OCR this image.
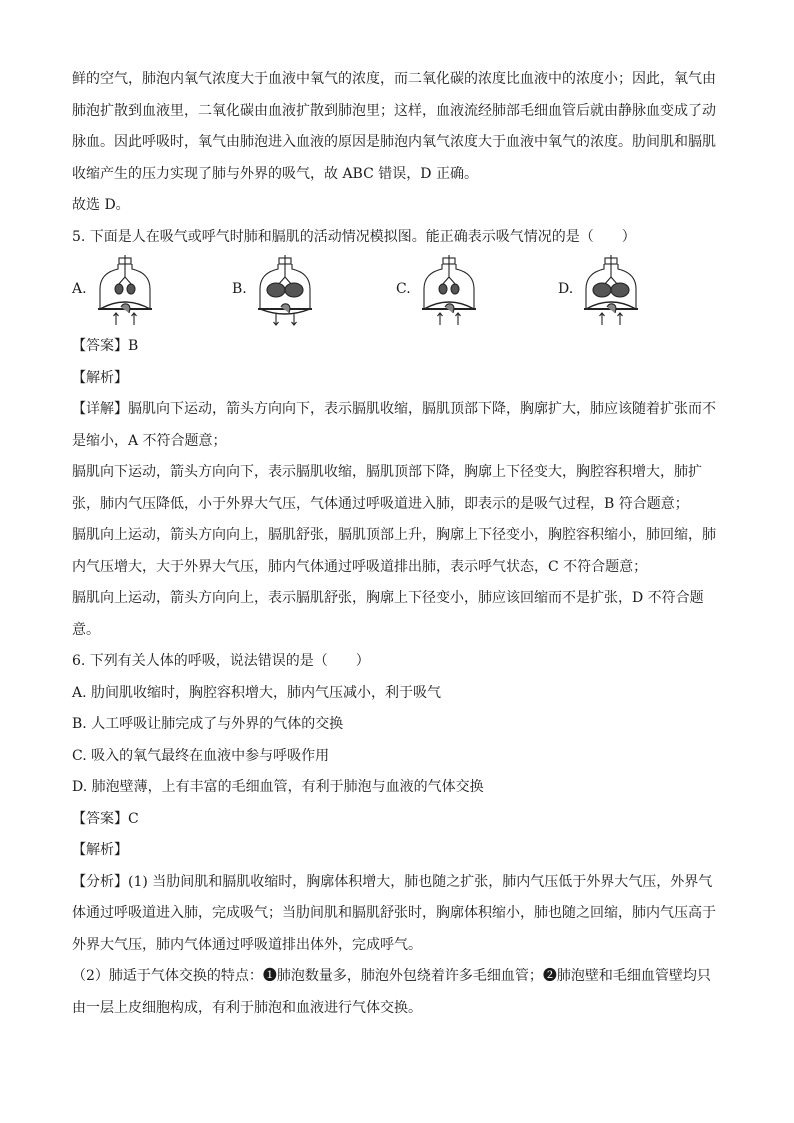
鲜的空气，肺泡内氧气浓度大于血液中氧气的浓度，而二氧化碳的浓度比血液中的浓度小；因此，氧气由
肺泡扩散到血液里，二氧化碳由血液扩散到肺泡里；这样，血液流经肺部毛细血管后就由静脉血变成了动
脉血。因此呼吸时，氧气由肺泡进入血液的原因是肺泡内氧气浓度大于血液中氧气的浓度。肋间肌和膈肌
收缩产生的压力实现了肺与外界的吸气，故 ABC 错误，D 正确。
故选 D。
5. 下面是人在吸气或呼气时肺和膈肌的活动情况模拟图。能正确表示吸气情况的是（　　）
A.	B.	C.	D.
【答案】B
【解析】
【详解】膈肌向下运动，箭头方向向下，表示膈肌收缩，膈肌顶部下降，胸廓扩大，肺应该随着扩张而不
是缩小，A 不符合题意；
膈肌向下运动，箭头方向向下，表示膈肌收缩，膈肌顶部下降，胸廓上下径变大，胸腔容积增大，肺扩
张，肺内气压降低，小于外界大气压，气体通过呼吸道进入肺，即表示的是吸气过程，B 符合题意；
膈肌向上运动，箭头方向向上，膈肌舒张，膈肌顶部上升，胸廓上下径变小，胸腔容积缩小，肺回缩，肺
内气压增大，大于外界大气压，肺内气体通过呼吸道排出肺，表示呼气状态，C 不符合题意；
膈肌向上运动，箭头方向向上，表示膈肌舒张，胸廓上下径变小，肺应该回缩而不是扩张，D 不符合题
意。
6. 下列有关人体的呼吸，说法错误的是（　　）
A. 肋间肌收缩时，胸腔容积增大，肺内气压减小，利于吸气
B. 人工呼吸让肺完成了与外界的气体的交换
C. 吸入的氧气最终在血液中参与呼吸作用
D. 肺泡壁薄，上有丰富的毛细血管，有利于肺泡与血液的气体交换
【答案】C
【解析】
【分析】(1) 当肋间肌和膈肌收缩时，胸廓体积增大，肺也随之扩张，肺内气压低于外界大气压，外界气
体通过呼吸道进入肺，完成吸气；当肋间肌和膈肌舒张时，胸廓体积缩小，肺也随之回缩，肺内气压高于
外界大气压，肺内气体通过呼吸道排出体外，完成呼气。
（2）肺适于气体交换的特点：❶肺泡数量多，肺泡外包绕着许多毛细血管；❷肺泡壁和毛细血管壁均只
由一层上皮细胞构成，有利于肺泡和血液进行气体交换。
